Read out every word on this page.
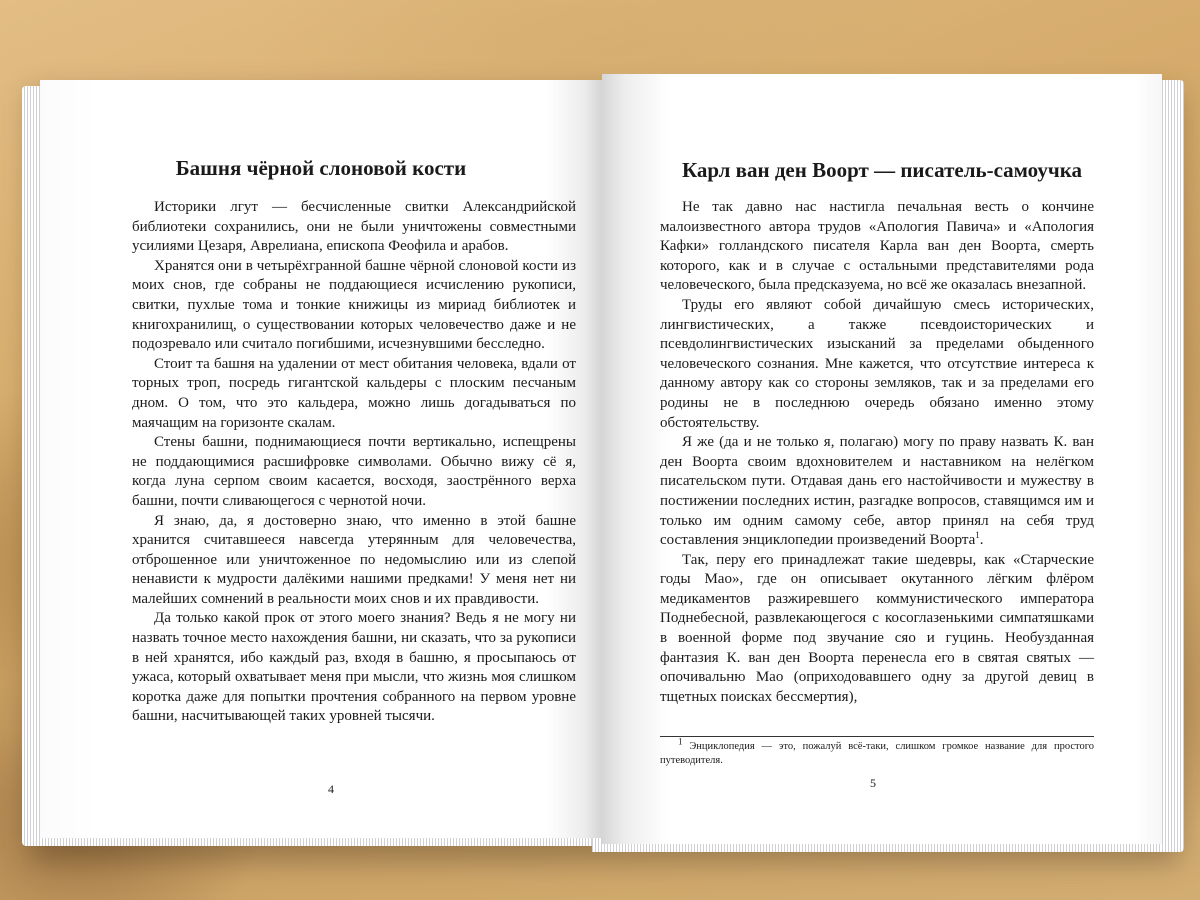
Башня чёрной слоновой кости

Историки лгут — бесчисленные свитки Александрийской библиотеки сохранились, они не были уничтожены совместными усилиями Цезаря, Аврелиана, епископа Феофила и арабов.

Хранятся они в четырёхгранной башне чёрной слоновой кости из моих снов, где собраны не поддающиеся исчислению рукописи, свитки, пухлые тома и тонкие книжицы из мириад библиотек и книгохранилищ, о существовании которых человечество даже и не подозревало или считало погибшими, исчезнувшими бесследно.

Стоит та башня на удалении от мест обитания человека, вдали от торных троп, посредь гигантской кальдеры с плоским песчаным дном. О том, что это кальдера, можно лишь догадываться по маячащим на горизонте скалам.

Стены башни, поднимающиеся почти вертикально, испещрены не поддающимися расшифровке символами. Обычно вижу сё я, когда луна серпом своим касается, восходя, заострённого верха башни, почти сливающегося с чернотой ночи.

Я знаю, да, я достоверно знаю, что именно в этой башне хранится считавшееся навсегда утерянным для человечества, отброшенное или уничтоженное по недомыслию или из слепой ненависти к мудрости далёкими нашими предками! У меня нет ни малейших сомнений в реальности моих снов и их правдивости.

Да только какой прок от этого моего знания? Ведь я не могу ни назвать точное место нахождения башни, ни сказать, что за рукописи в ней хранятся, ибо каждый раз, входя в башню, я просыпаюсь от ужаса, который охватывает меня при мысли, что жизнь моя слишком коротка даже для попытки прочтения собранного на первом уровне башни, насчитывающей таких уровней тысячи.

4
Карл ван ден Воорт — писатель-самоучка

Не так давно нас настигла печальная весть о кончине малоизвестного автора трудов «Апология Павича» и «Апология Кафки» голландского писателя Карла ван ден Воорта, смерть которого, как и в случае с остальными представителями рода человеческого, была предсказуема, но всё же оказалась внезапной.

Труды его являют собой дичайшую смесь исторических, лингвистических, а также псевдоисторических и псевдолингвистических изысканий за пределами обыденного человеческого сознания. Мне кажется, что отсутствие интереса к данному автору как со стороны земляков, так и за пределами его родины не в последнюю очередь обязано именно этому обстоятельству.

Я же (да и не только я, полагаю) могу по праву назвать К. ван ден Воорта своим вдохновителем и наставником на нелёгком писательском пути. Отдавая дань его настойчивости и мужеству в постижении последних истин, разгадке вопросов, ставящимся им и только им одним самому себе, автор принял на себя труд составления энциклопедии произведений Воорта$^1$.

Так, перу его принадлежат такие шедевры, как «Старческие годы Мао», где он описывает окутанного лёгким флёром медикаментов разжиревшего коммунистического императора Поднебесной, развлекающегося с косоглазенькими симпатяшками в военной форме под звучание сяо и гуцинь. Необузданная фантазия К. ван ден Воорта перенесла его в святая святых — опочивальню Мао (оприходовавшего одну за другой девиц в тщетных поисках бессмертия),

$^1$ Энциклопедия — это, пожалуй всё-таки, слишком громкое название для простого путеводителя.

5
